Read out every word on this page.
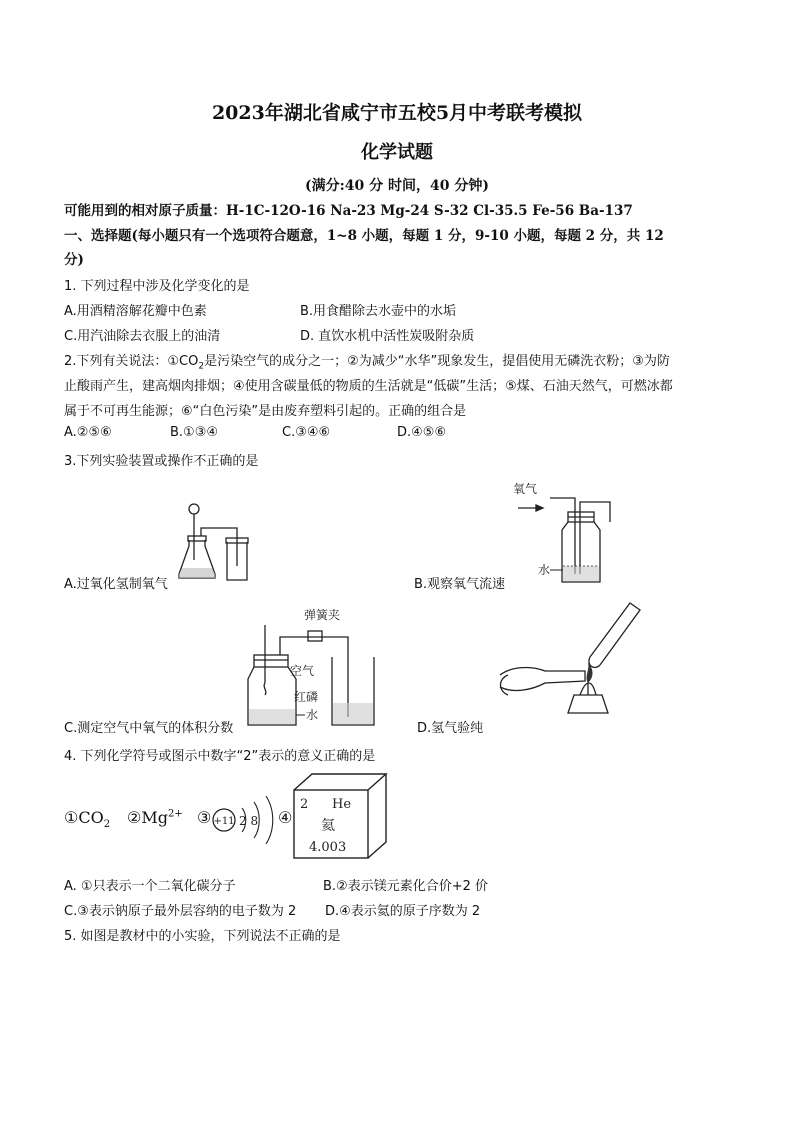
2023年湖北省咸宁市五校5月中考联考模拟
化学试题
(满分:40 分 时间，40 分钟)
可能用到的相对原子质量：H-1C-12O-16 Na-23 Mg-24 S-32 Cl-35.5 Fe-56 Ba-137
一、选择题(每小题只有一个选项符合题意，1~8 小题，每题 1 分，9-10 小题，每题 2 分，共 12
分)
1. 下列过程中涉及化学变化的是
A.用酒精溶解花瓣中色素	B.用食醋除去水壶中的水垢
C.用汽油除去衣服上的油清	D. 直饮水机中活性炭吸附杂质
2.下列有关说法：$①CO_2$是污染空气的成分之一；②为减少“水华”现象发生，提倡使用无磷洗衣粉；③为防
止酸雨产生，建高烟肉排烟；④使用含碳量低的物质的生活就是“低碳”生活；⑤煤、石油天然气，可燃冰都
属于不可再生能源；⑥“白色污染”是由废弃塑料引起的。正确的组合是
A.②⑤⑥	B.①③④	C.③④⑥	D.④⑤⑥
3.下列实验装置或操作不正确的是
A.过氧化氢制氧气
氧气
水
B.观察氧气流速
弹簧夹
空气
红磷
水
C.测定空气中氧气的体积分数	D.氢气验纯
4. 下列化学符号或图示中数字“2”表示的意义正确的是
$①CO_2$ $②Mg^{2+}$ ③ +11 2 8 ④
2 He
氦
4.003
A. ①只表示一个二氧化碳分子	B.②表示镁元素化合价+2 价
C.③表示钠原子最外层容纳的电子数为 2 D.④表示氦的原子序数为 2
5. 如图是教材中的小实验，下列说法不正确的是
